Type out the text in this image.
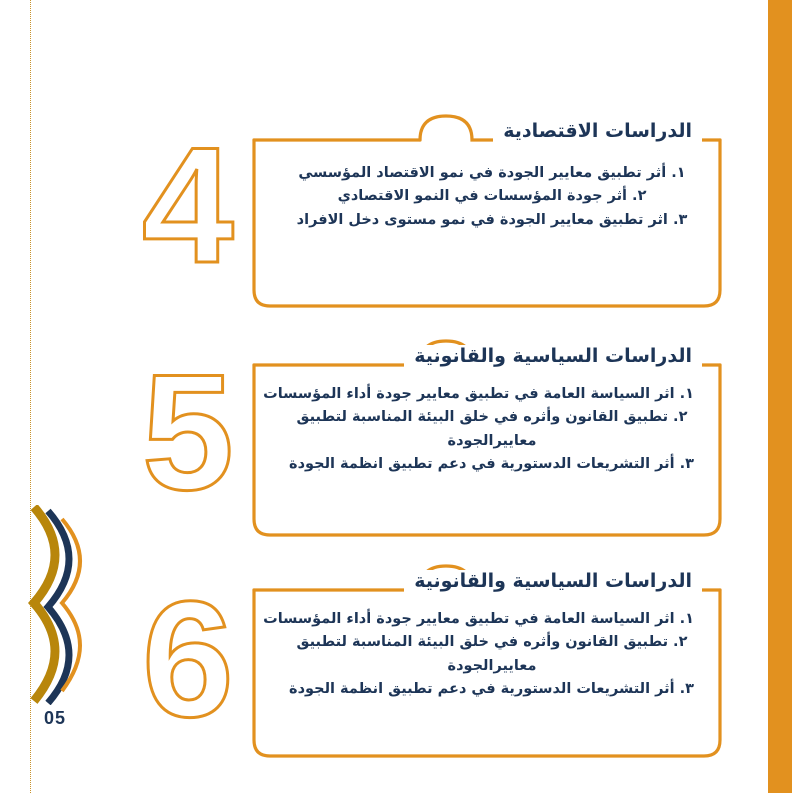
05
الدراسات الاقتصادية
4	١. أثر تطبيق معايير الجودة في نمو الاقتصاد المؤسسي
٢. أثر جودة المؤسسات في النمو الاقتصادي
٣. اثر تطبيق معايير الجودة في نمو مستوى دخل الافراد
الدراسات السياسية والقانونية
5 ١. اثر السياسة العامة في تطبيق معايير جودة أداء المؤسسات
٢. تطبيق القانون وأثره في خلق البيئة المناسبة لتطبيق معاييرالجودة
٣. أثر التشريعات الدستورية في دعم تطبيق انظمة الجودة
الدراسات السياسية والقانونية
6 ١. اثر السياسة العامة في تطبيق معايير جودة أداء المؤسسات
٢. تطبيق القانون وأثره في خلق البيئة المناسبة لتطبيق معاييرالجودة
٣. أثر التشريعات الدستورية في دعم تطبيق انظمة الجودة
